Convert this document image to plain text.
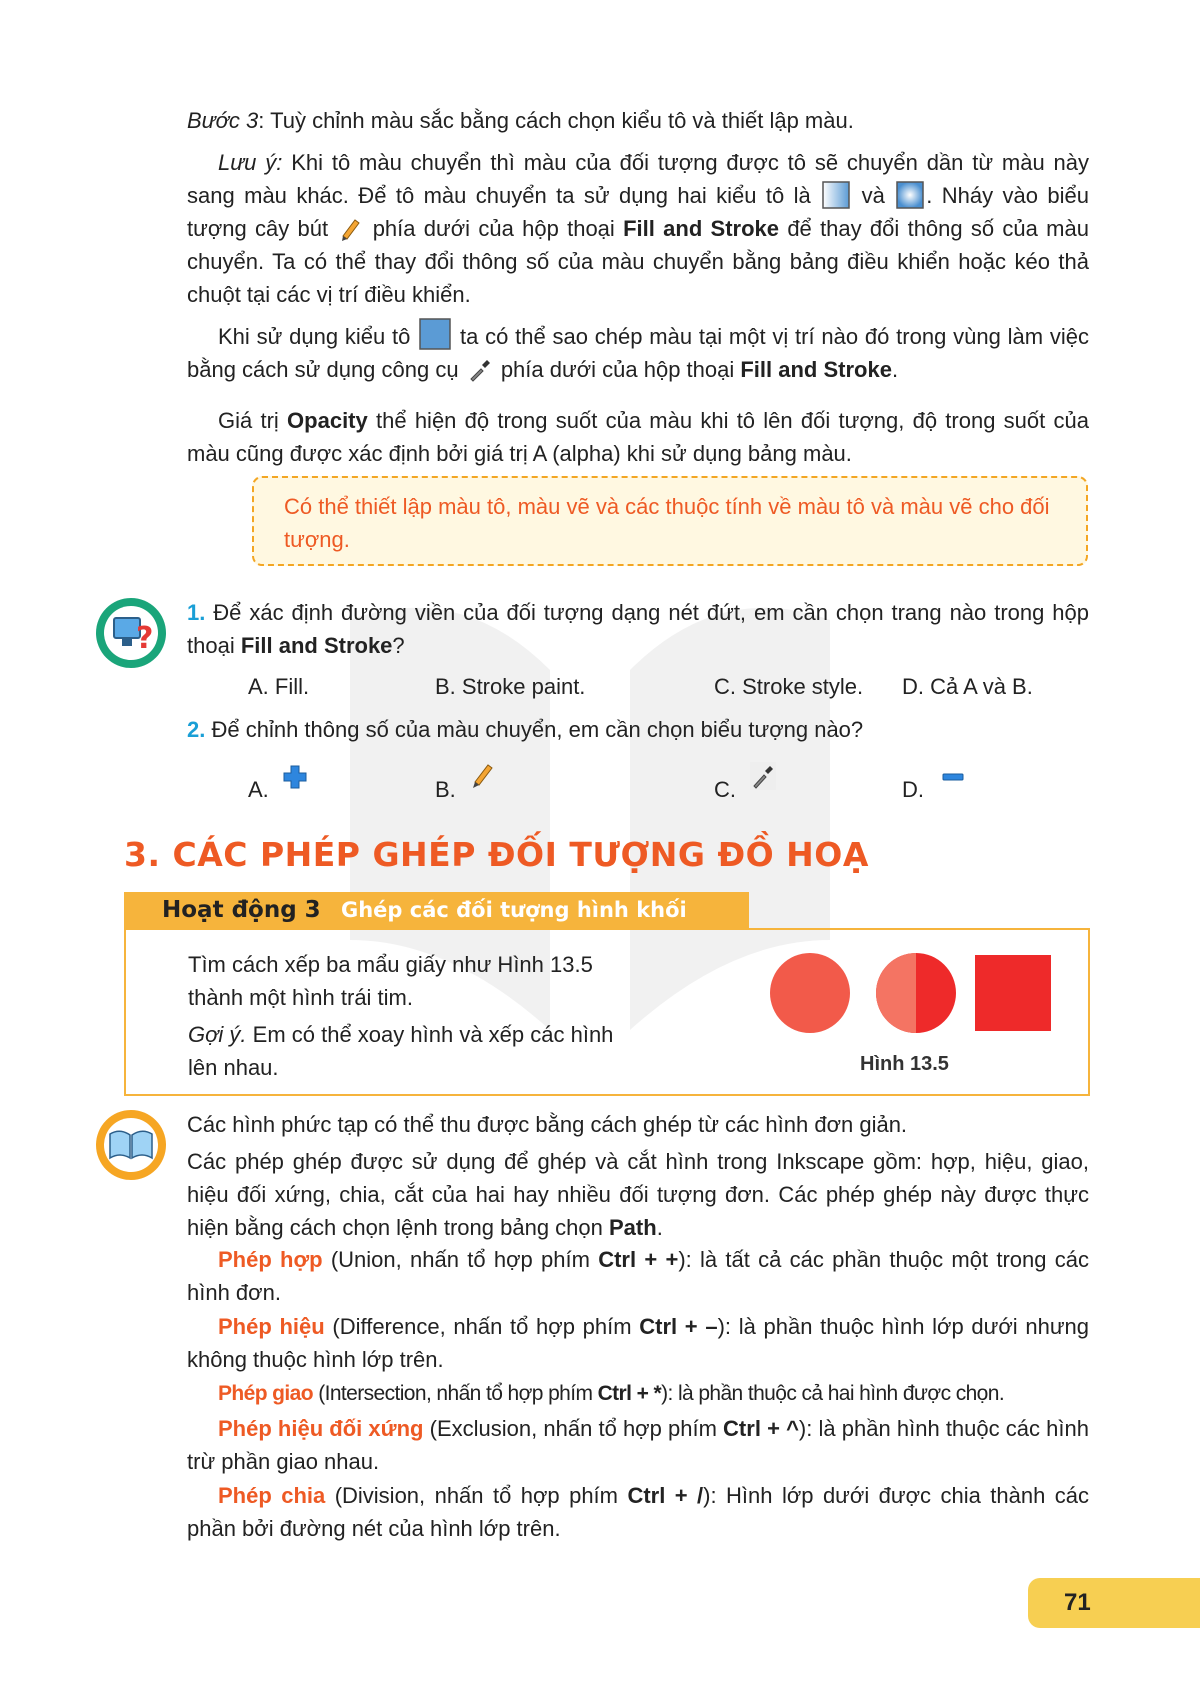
Bước 3: Tuỳ chỉnh màu sắc bằng cách chọn kiểu tô và thiết lập màu.

Lưu ý: Khi tô màu chuyển thì màu của đối tượng được tô sẽ chuyển dần từ màu này sang màu khác. Để tô màu chuyển ta sử dụng hai kiểu tô là  và . Nháy vào biểu tượng cây bút  phía dưới của hộp thoại Fill and Stroke để thay đổi thông số của màu chuyển. Ta có thể thay đổi thông số của màu chuyển bằng bảng điều khiển hoặc kéo thả chuột tại các vị trí điều khiển.

Khi sử dụng kiểu tô  ta có thể sao chép màu tại một vị trí nào đó trong vùng làm việc bằng cách sử dụng công cụ  phía dưới của hộp thoại Fill and Stroke.

Giá trị Opacity thể hiện độ trong suốt của màu khi tô lên đối tượng, độ trong suốt của màu cũng được xác định bởi giá trị A (alpha) khi sử dụng bảng màu.

Có thể thiết lập màu tô, màu vẽ và các thuộc tính về màu tô và màu vẽ cho đối tượng.
?

1. Để xác định đường viền của đối tượng dạng nét đứt, em cần chọn trang nào trong hộp thoại Fill and Stroke?

A. Fill.	B. Stroke paint.	C. Stroke style. D. Cả A và B.

2. Để chỉnh thông số của màu chuyển, em cần chọn biểu tượng nào?

A.	B.	C.	D.
3. CÁC PHÉP GHÉP ĐỐI TƯỢNG ĐỒ HOẠ
Hoạt động 3 Ghép các đối tượng hình khối
Tìm cách xếp ba mẩu giấy như Hình 13.5 thành một hình trái tim.
Gợi ý. Em có thể xoay hình và xếp các hình lên nhau.	Hình 13.5

Các hình phức tạp có thể thu được bằng cách ghép từ các hình đơn giản.

Các phép ghép được sử dụng để ghép và cắt hình trong Inkscape gồm: hợp, hiệu, giao, hiệu đối xứng, chia, cắt của hai hay nhiều đối tượng đơn. Các phép ghép này được thực hiện bằng cách chọn lệnh trong bảng chọn Path.

Phép hợp (Union, nhấn tổ hợp phím Ctrl + +): là tất cả các phần thuộc một trong các hình đơn.

Phép hiệu (Difference, nhấn tổ hợp phím Ctrl + –): là phần thuộc hình lớp dưới nhưng không thuộc hình lớp trên.

Phép giao (Intersection, nhấn tổ hợp phím Ctrl + *): là phần thuộc cả hai hình được chọn.

Phép hiệu đối xứng (Exclusion, nhấn tổ hợp phím Ctrl + ^): là phần hình thuộc các hình trừ phần giao nhau.

Phép chia (Division, nhấn tổ hợp phím Ctrl + /): Hình lớp dưới được chia thành các phần bởi đường nét của hình lớp trên.

71
